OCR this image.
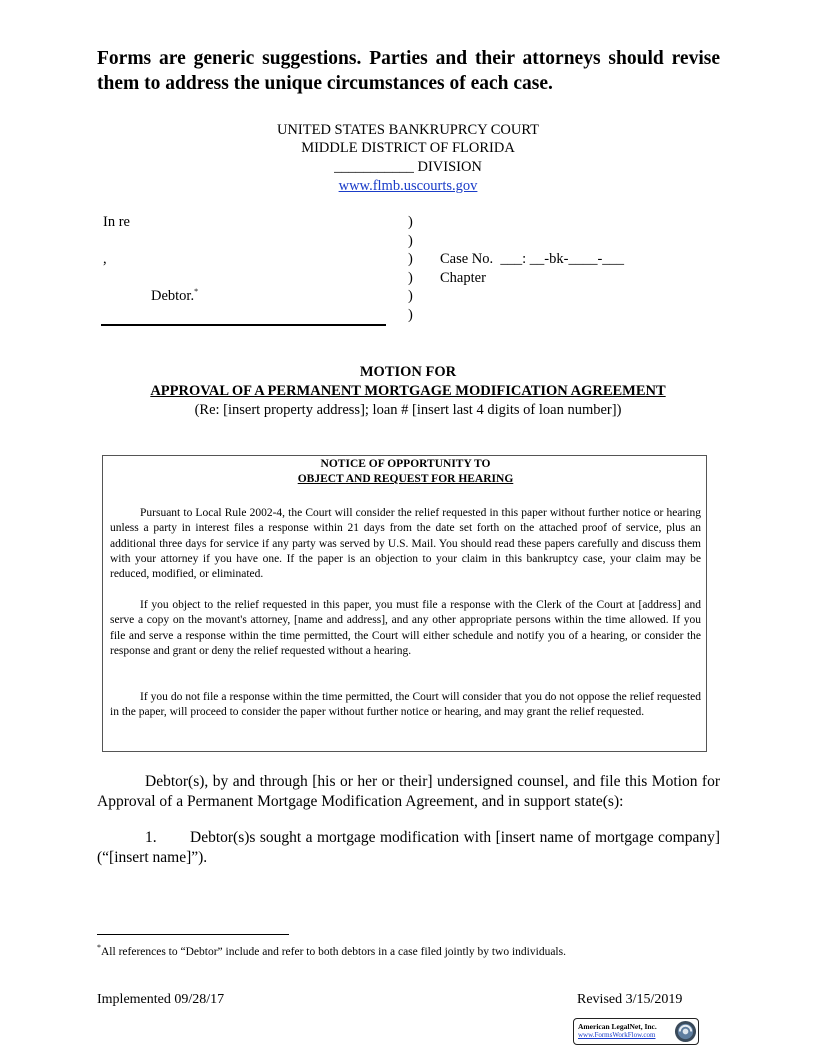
Forms are generic suggestions. Parties and their attorneys should revise them to address the unique circumstances of each case.
UNITED STATES BANKRUPRCY COURT
MIDDLE DISTRICT OF FLORIDA
___________ DIVISION
www.flmb.uscourts.gov
In re
,
Debtor.*
)
)
)
)
)
)
Case No.  ___: __-bk-____-___
Chapter
MOTION FOR
APPROVAL OF A PERMANENT MORTGAGE MODIFICATION AGREEMENT
(Re: [insert property address]; loan # [insert last 4 digits of loan number])
NOTICE OF OPPORTUNITY TO
OBJECT AND REQUEST FOR HEARING

Pursuant to Local Rule 2002-4, the Court will consider the relief requested in this paper without further notice or hearing unless a party in interest files a response within 21 days from the date set forth on the attached proof of service, plus an additional three days for service if any party was served by U.S. Mail. You should read these papers carefully and discuss them with your attorney if you have one. If the paper is an objection to your claim in this bankruptcy case, your claim may be reduced, modified, or eliminated.

If you object to the relief requested in this paper, you must file a response with the Clerk of the Court at [address] and serve a copy on the movant's attorney, [name and address], and any other appropriate persons within the time allowed. If you file and serve a response within the time permitted, the Court will either schedule and notify you of a hearing, or consider the response and grant or deny the relief requested without a hearing.

If you do not file a response within the time permitted, the Court will consider that you do not oppose the relief requested in the paper, will proceed to consider the paper without further notice or hearing, and may grant the relief requested.

Debtor(s), by and through [his or her or their] undersigned counsel, and file this Motion for Approval of a Permanent Mortgage Modification Agreement, and in support state(s):

1. Debtor(s)s sought a mortgage modification with [insert name of mortgage company] (“[insert name]”).
*All references to “Debtor” include and refer to both debtors in a case filed jointly by two individuals.
Implemented 09/28/17	Revised 3/15/2019
American LegalNet, Inc.
www.FormsWorkFlow.com
